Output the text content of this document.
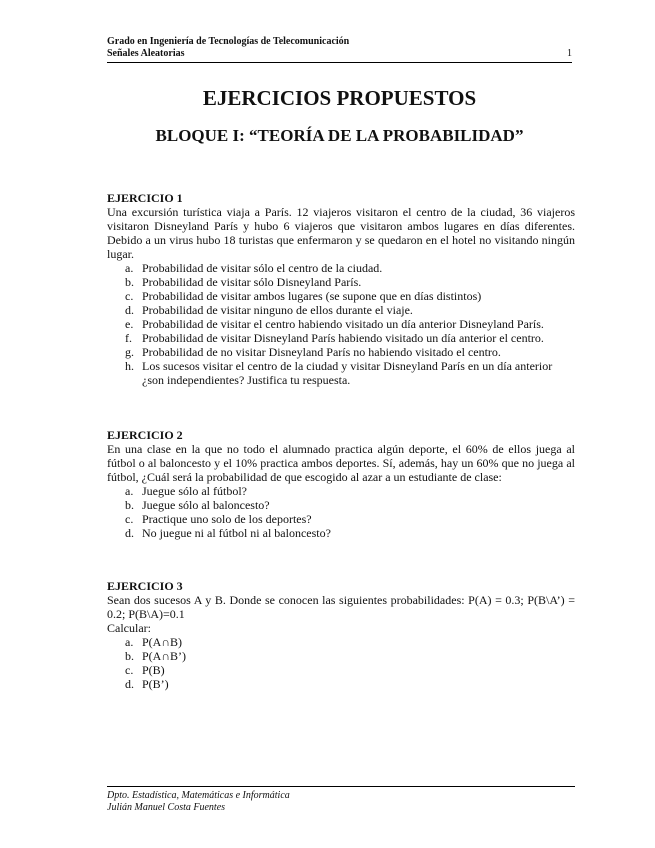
Grado en Ingeniería de Tecnologías de Telecomunicación
Señales Aleatorias	1
EJERCICIOS PROPUESTOS
BLOQUE I: “TEORÍA DE LA PROBABILIDAD”
EJERCICIO 1

Una excursión turística viaja a París. 12 viajeros visitaron el centro de la ciudad, 36 viajeros visitaron Disneyland París y hubo 6 viajeros que visitaron ambos lugares en días diferentes. Debido a un virus hubo 18 turistas que enfermaron y se quedaron en el hotel no visitando ningún lugar.

a. Probabilidad de visitar sólo el centro de la ciudad.
b. Probabilidad de visitar sólo Disneyland París.
c. Probabilidad de visitar ambos lugares (se supone que en días distintos)
d. Probabilidad de visitar ninguno de ellos durante el viaje.
e. Probabilidad de visitar el centro habiendo visitado un día anterior Disneyland París.
f. Probabilidad de visitar Disneyland París habiendo visitado un día anterior el centro.
g. Probabilidad de no visitar Disneyland París no habiendo visitado el centro.
h. Los sucesos visitar el centro de la ciudad y visitar Disneyland París en un día anterior ¿son independientes? Justifica tu respuesta.
EJERCICIO 2

En una clase en la que no todo el alumnado practica algún deporte, el 60% de ellos juega al fútbol o al baloncesto y el 10% practica ambos deportes. Sí, además, hay un 60% que no juega al fútbol, ¿Cuál será la probabilidad de que escogido al azar a un estudiante de clase:

a. Juegue sólo al fútbol?
b. Juegue sólo al baloncesto?
c. Practique uno solo de los deportes?
d. No juegue ni al fútbol ni al baloncesto?
EJERCICIO 3

Sean dos sucesos A y B. Donde se conocen las siguientes probabilidades: P(A) = 0.3; P(B\A’) = 0.2; P(B\A)=0.1

Calcular:

a. P(A∩B)
b. P(A∩B’)
c. P(B)
d. P(B’)
Dpto. Estadística, Matemáticas e Informática
Julián Manuel Costa Fuentes
